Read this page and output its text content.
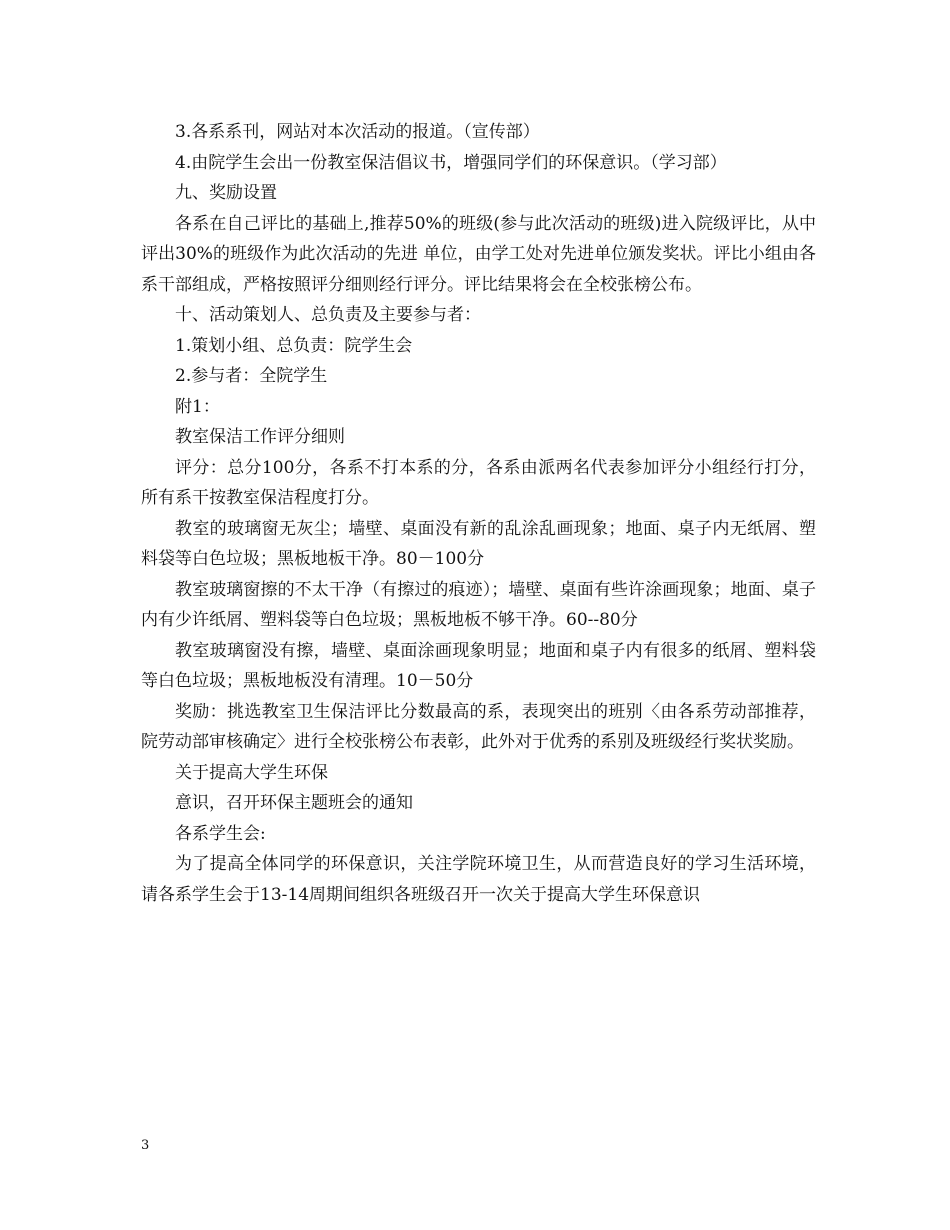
3.各系系刊，网站对本次活动的报道。（宣传部）

4.由院学生会出一份教室保洁倡议书，增强同学们的环保意识。（学习部）

九、奖励设置

各系在自己评比的基础上,推荐50%的班级(参与此次活动的班级)进入院级评比，从中评出30%的班级作为此次活动的先进 单位，由学工处对先进单位颁发奖状。评比小组由各系干部组成，严格按照评分细则经行评分。评比结果将会在全校张榜公布。

十、活动策划人、总负责及主要参与者：

1.策划小组、总负责：院学生会

2.参与者：全院学生

附1：

教室保洁工作评分细则

评分：总分100分，各系不打本系的分，各系由派两名代表参加评分小组经行打分，所有系干按教室保洁程度打分。

教室的玻璃窗无灰尘；墙壁、桌面没有新的乱涂乱画现象；地面、桌子内无纸屑、塑料袋等白色垃圾；黑板地板干净。80－100分

教室玻璃窗擦的不太干净（有擦过的痕迹）；墙壁、桌面有些许涂画现象；地面、桌子内有少许纸屑、塑料袋等白色垃圾；黑板地板不够干净。60--80分

教室玻璃窗没有擦，墙壁、桌面涂画现象明显；地面和桌子内有很多的纸屑、塑料袋等白色垃圾；黑板地板没有清理。10－50分

奖励：挑选教室卫生保洁评比分数最高的系，表现突出的班别〈由各系劳动部推荐，院劳动部审核确定〉进行全校张榜公布表彰，此外对于优秀的系别及班级经行奖状奖励。

关于提高大学生环保

意识，召开环保主题班会的通知

各系学生会:

为了提高全体同学的环保意识，关注学院环境卫生，从而营造良好的学习生活环境，请各系学生会于13-14周期间组织各班级召开一次关于提高大学生环保意识

3
